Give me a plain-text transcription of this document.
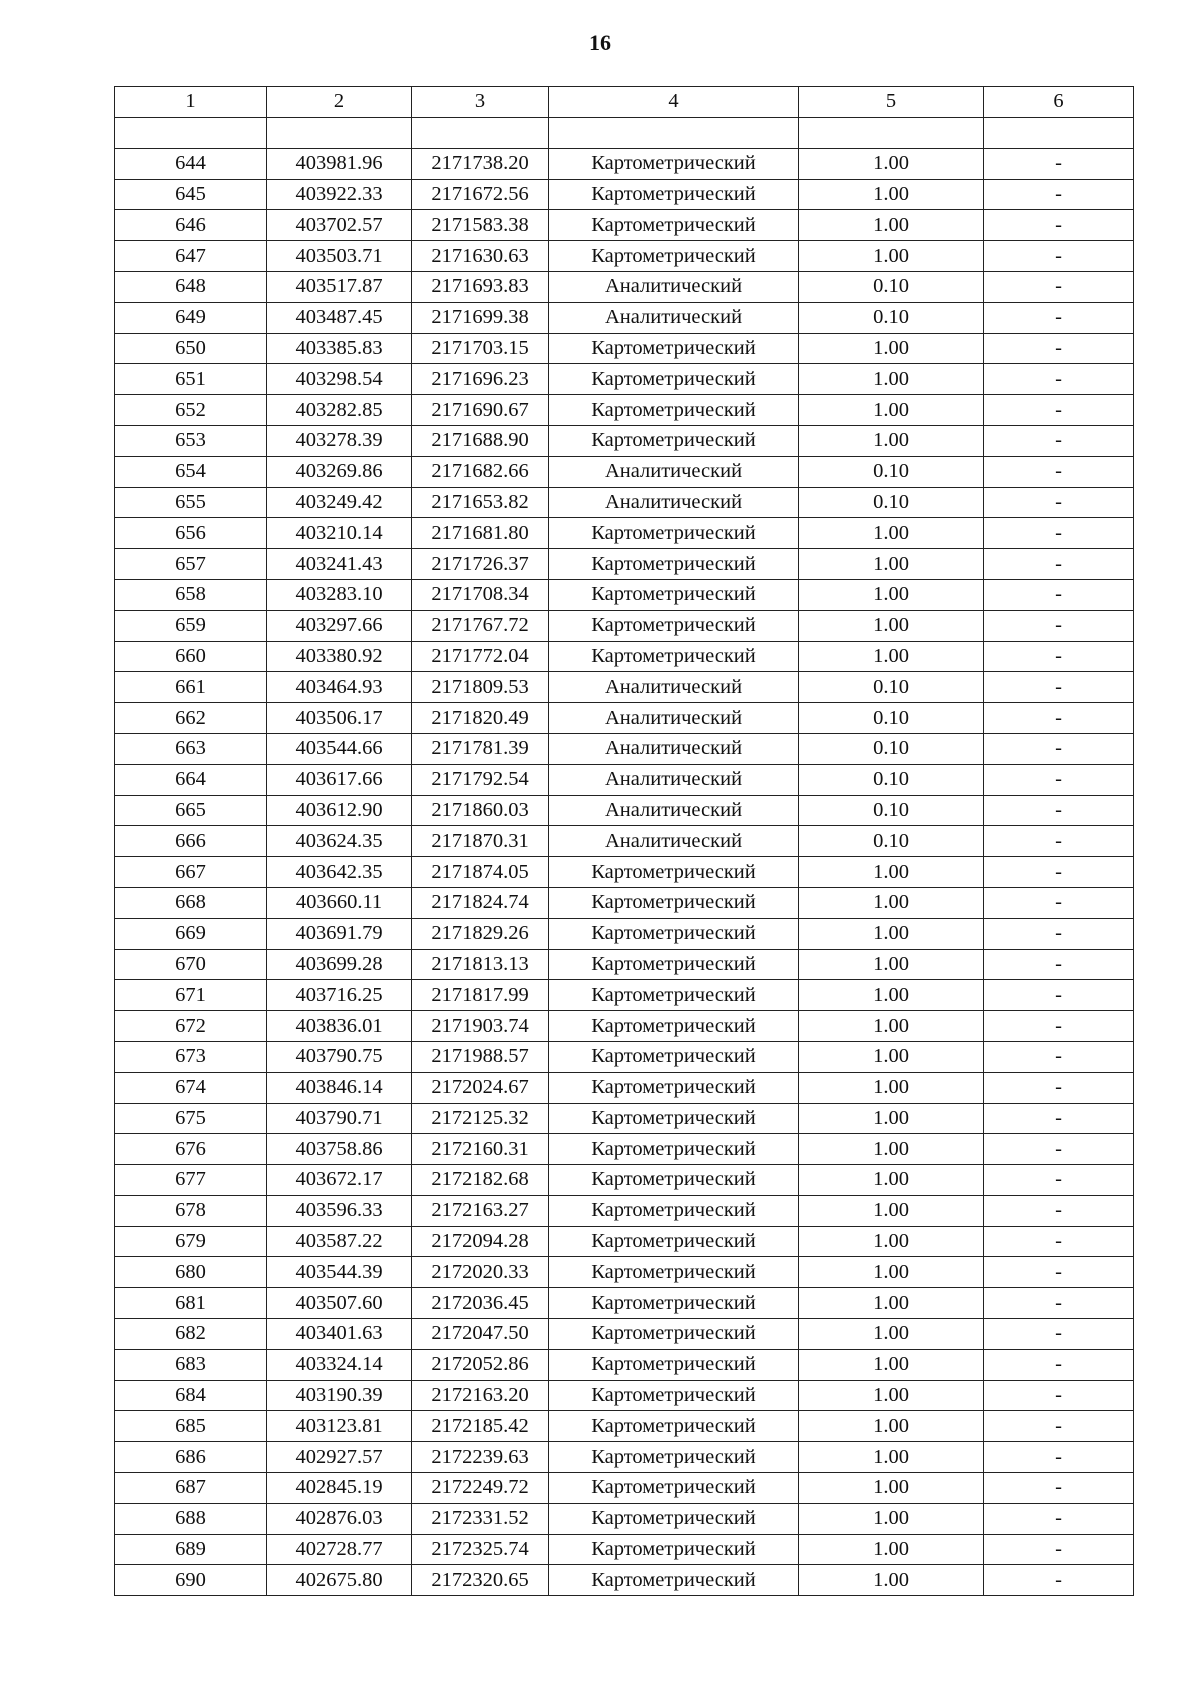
16
1	2	3	4	5	6

644	403981.96	2171738.20	Картометрический	1.00	-
645	403922.33	2171672.56	Картометрический	1.00	-
646	403702.57	2171583.38	Картометрический	1.00	-
647	403503.71	2171630.63	Картометрический	1.00	-
648	403517.87	2171693.83	Аналитический	0.10	-
649	403487.45	2171699.38	Аналитический	0.10	-
650	403385.83	2171703.15	Картометрический	1.00	-
651	403298.54	2171696.23	Картометрический	1.00	-
652	403282.85	2171690.67	Картометрический	1.00	-
653	403278.39	2171688.90	Картометрический	1.00	-
654	403269.86	2171682.66	Аналитический	0.10	-
655	403249.42	2171653.82	Аналитический	0.10	-
656	403210.14	2171681.80	Картометрический	1.00	-
657	403241.43	2171726.37	Картометрический	1.00	-
658	403283.10	2171708.34	Картометрический	1.00	-
659	403297.66	2171767.72	Картометрический	1.00	-
660	403380.92	2171772.04	Картометрический	1.00	-
661	403464.93	2171809.53	Аналитический	0.10	-
662	403506.17	2171820.49	Аналитический	0.10	-
663	403544.66	2171781.39	Аналитический	0.10	-
664	403617.66	2171792.54	Аналитический	0.10	-
665	403612.90	2171860.03	Аналитический	0.10	-
666	403624.35	2171870.31	Аналитический	0.10	-
667	403642.35	2171874.05	Картометрический	1.00	-
668	403660.11	2171824.74	Картометрический	1.00	-
669	403691.79	2171829.26	Картометрический	1.00	-
670	403699.28	2171813.13	Картометрический	1.00	-
671	403716.25	2171817.99	Картометрический	1.00	-
672	403836.01	2171903.74	Картометрический	1.00	-
673	403790.75	2171988.57	Картометрический	1.00	-
674	403846.14	2172024.67	Картометрический	1.00	-
675	403790.71	2172125.32	Картометрический	1.00	-
676	403758.86	2172160.31	Картометрический	1.00	-
677	403672.17	2172182.68	Картометрический	1.00	-
678	403596.33	2172163.27	Картометрический	1.00	-
679	403587.22	2172094.28	Картометрический	1.00	-
680	403544.39	2172020.33	Картометрический	1.00	-
681	403507.60	2172036.45	Картометрический	1.00	-
682	403401.63	2172047.50	Картометрический	1.00	-
683	403324.14	2172052.86	Картометрический	1.00	-
684	403190.39	2172163.20	Картометрический	1.00	-
685	403123.81	2172185.42	Картометрический	1.00	-
686	402927.57	2172239.63	Картометрический	1.00	-
687	402845.19	2172249.72	Картометрический	1.00	-
688	402876.03	2172331.52	Картометрический	1.00	-
689	402728.77	2172325.74	Картометрический	1.00	-
690	402675.80	2172320.65	Картометрический	1.00	-
